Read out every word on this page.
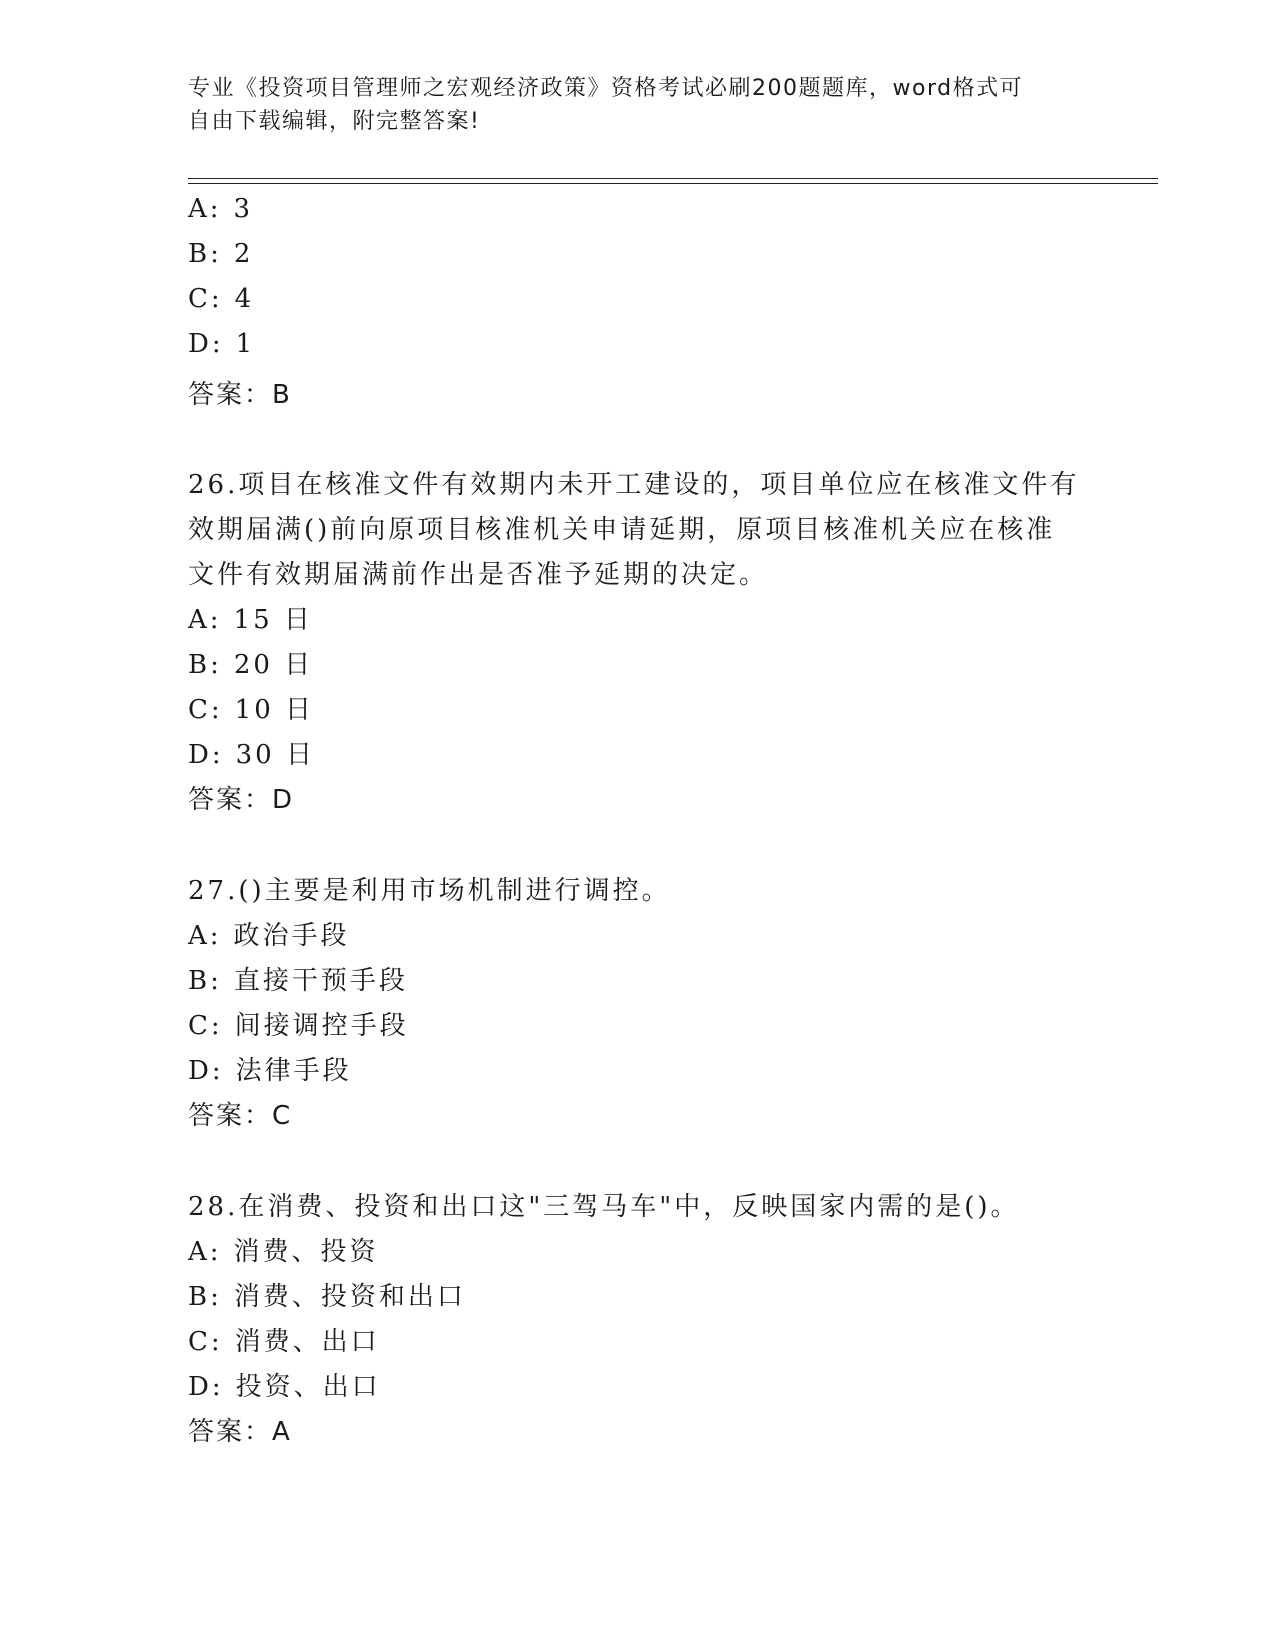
专业《投资项目管理师之宏观经济政策》资格考试必刷200题题库，word格式可
自由下载编辑，附完整答案!
A: 3
B: 2
C: 4
D: 1
答案：B
26.项目在核准文件有效期内未开工建设的，项目单位应在核准文件有
效期届满()前向原项目核准机关申请延期，原项目核准机关应在核准
文件有效期届满前作出是否准予延期的决定。
A: 15 日
B: 20 日
C: 10 日
D: 30 日
答案：D
27.()主要是利用市场机制进行调控。
A: 政治手段
B: 直接干预手段
C: 间接调控手段
D: 法律手段
答案：C
28.在消费、投资和出口这"三驾马车"中，反映国家内需的是()。
A: 消费、投资
B: 消费、投资和出口
C: 消费、出口
D: 投资、出口
答案：A
